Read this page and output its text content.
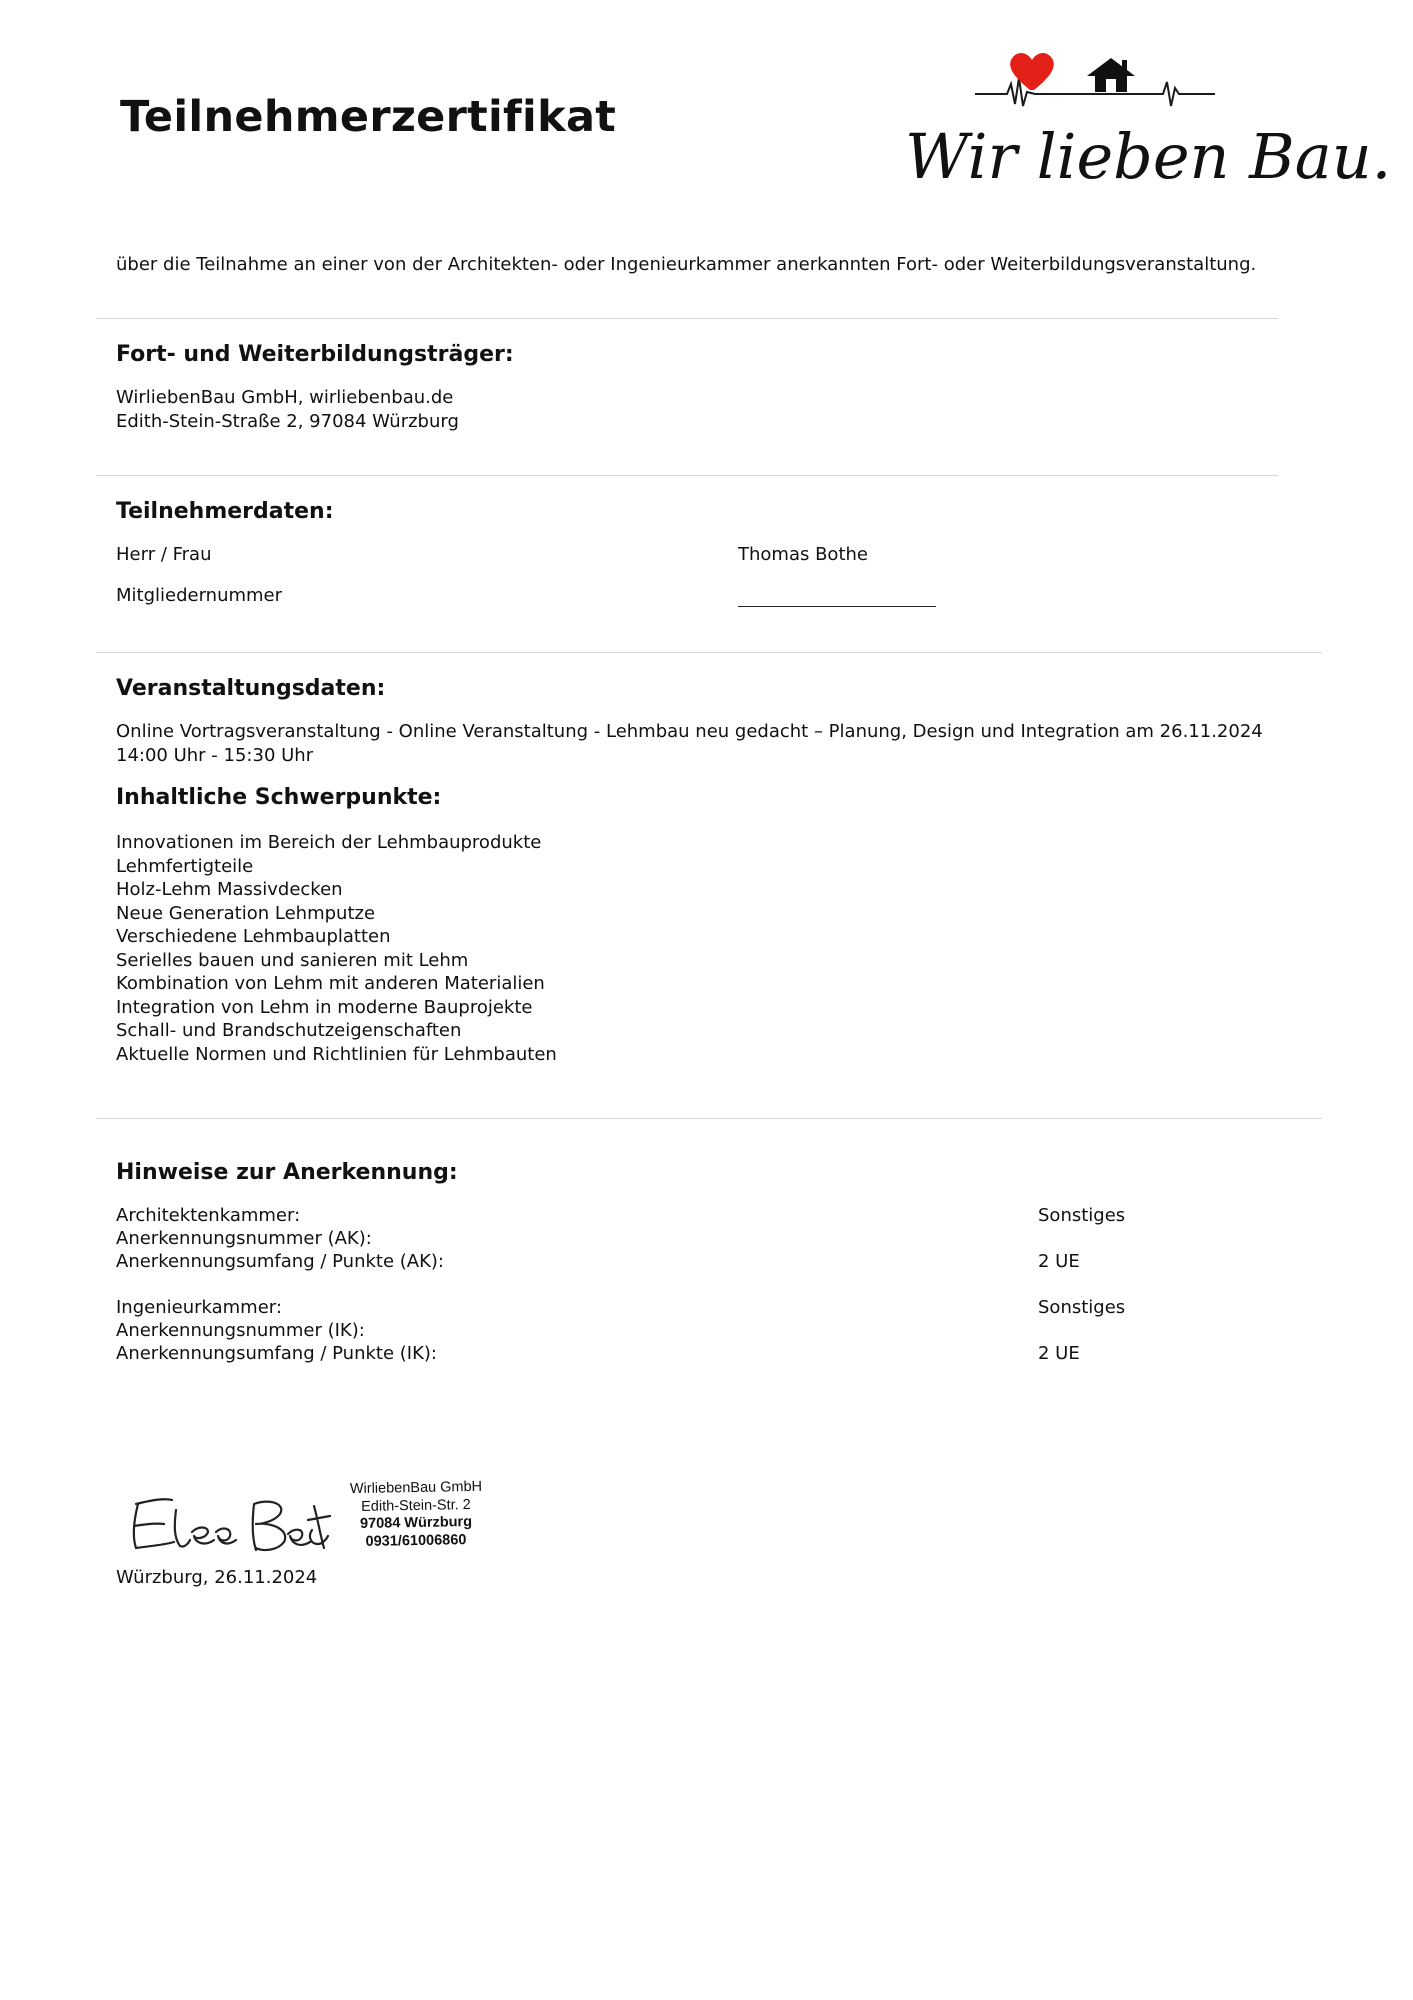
Teilnehmerzertifikat
Wir lieben Bau.
über die Teilnahme an einer von der Architekten- oder Ingenieurkammer anerkannten Fort- oder Weiterbildungsveranstaltung.
Fort- und Weiterbildungsträger:
WirliebenBau GmbH, wirliebenbau.de
Edith-Stein-Straße 2, 97084 Würzburg
Teilnehmerdaten:
Herr / Frau	Thomas Bothe
Mitgliedernummer
Veranstaltungsdaten:
Online Vortragsveranstaltung - Online Veranstaltung - Lehmbau neu gedacht – Planung, Design und Integration am 26.11.2024
14:00 Uhr - 15:30 Uhr
Inhaltliche Schwerpunkte:
Innovationen im Bereich der Lehmbauprodukte
Lehmfertigteile
Holz-Lehm Massivdecken
Neue Generation Lehmputze
Verschiedene Lehmbauplatten
Serielles bauen und sanieren mit Lehm
Kombination von Lehm mit anderen Materialien
Integration von Lehm in moderne Bauprojekte
Schall- und Brandschutzeigenschaften
Aktuelle Normen und Richtlinien für Lehmbauten
Hinweise zur Anerkennung:
Architektenkammer:	Sonstiges
Anerkennungsnummer (AK):
Anerkennungsumfang / Punkte (AK):	2 UE
Ingenieurkammer:	Sonstiges
Anerkennungsnummer (IK):
Anerkennungsumfang / Punkte (IK):	2 UE
WirliebenBau GmbH
Edith-Stein-Str. 2
97084 Würzburg
0931/61006860
Würzburg, 26.11.2024
